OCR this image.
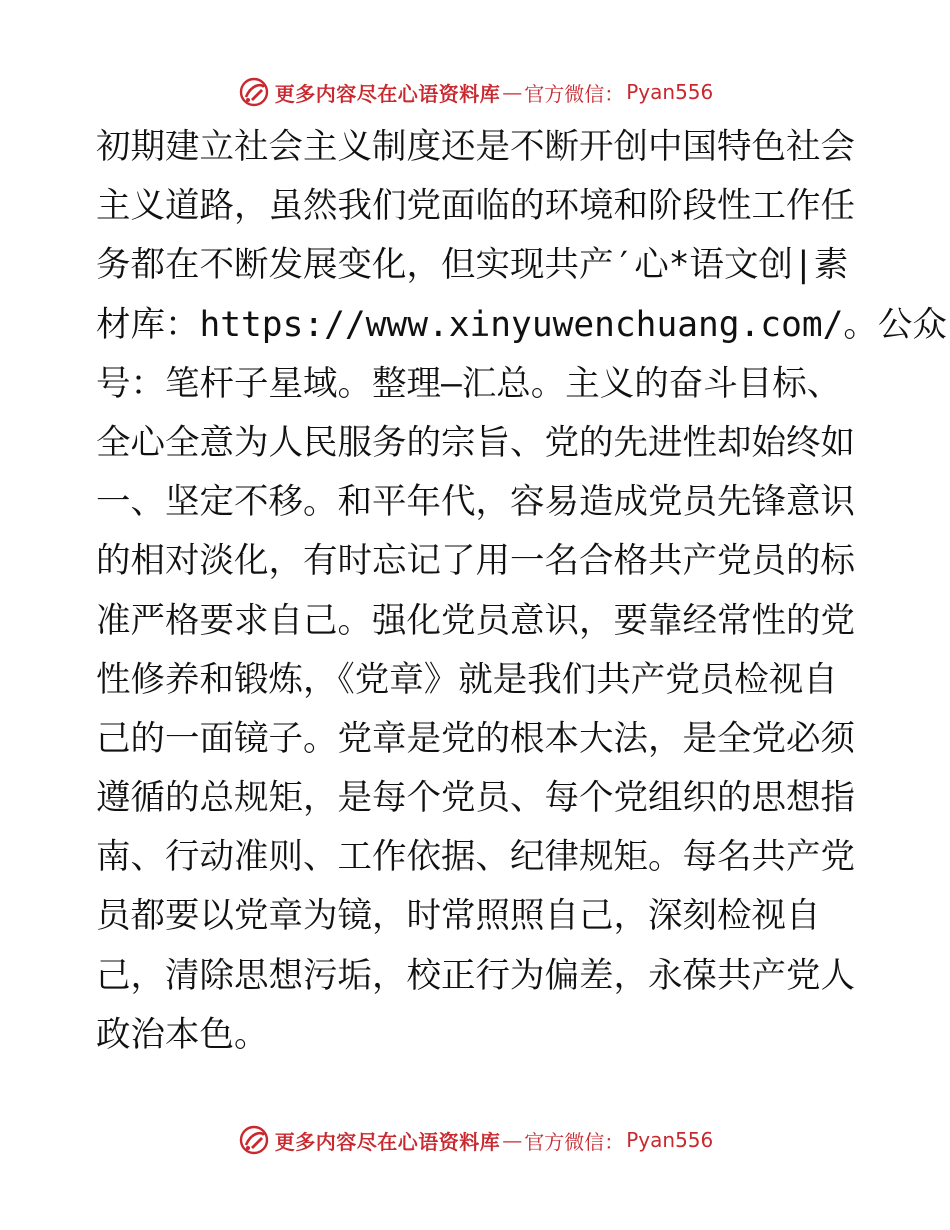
更多内容尽在心语资料库 — 官方微信： Pyan556
初期建立社会主义制度还是不断开创中国特色社会
主义道路，虽然我们党面临的环境和阶段性工作任
务都在不断发展变化，但实现共产′心*语文创|素
材库：https://www.xinyuwenchuang.com/。公众
号：笔杆子星域。整理—汇总。主义的奋斗目标、
全心全意为人民服务的宗旨、党的先进性却始终如
一、坚定不移。和平年代，容易造成党员先锋意识
的相对淡化，有时忘记了用一名合格共产党员的标
准严格要求自己。强化党员意识，要靠经常性的党
性修养和锻炼，《党章》就是我们共产党员检视自
己的一面镜子。党章是党的根本大法，是全党必须
遵循的总规矩，是每个党员、每个党组织的思想指
南、行动准则、工作依据、纪律规矩。每名共产党
员都要以党章为镜，时常照照自己，深刻检视自
己，清除思想污垢，校正行为偏差，永葆共产党人
政治本色。
更多内容尽在心语资料库 — 官方微信： Pyan556
